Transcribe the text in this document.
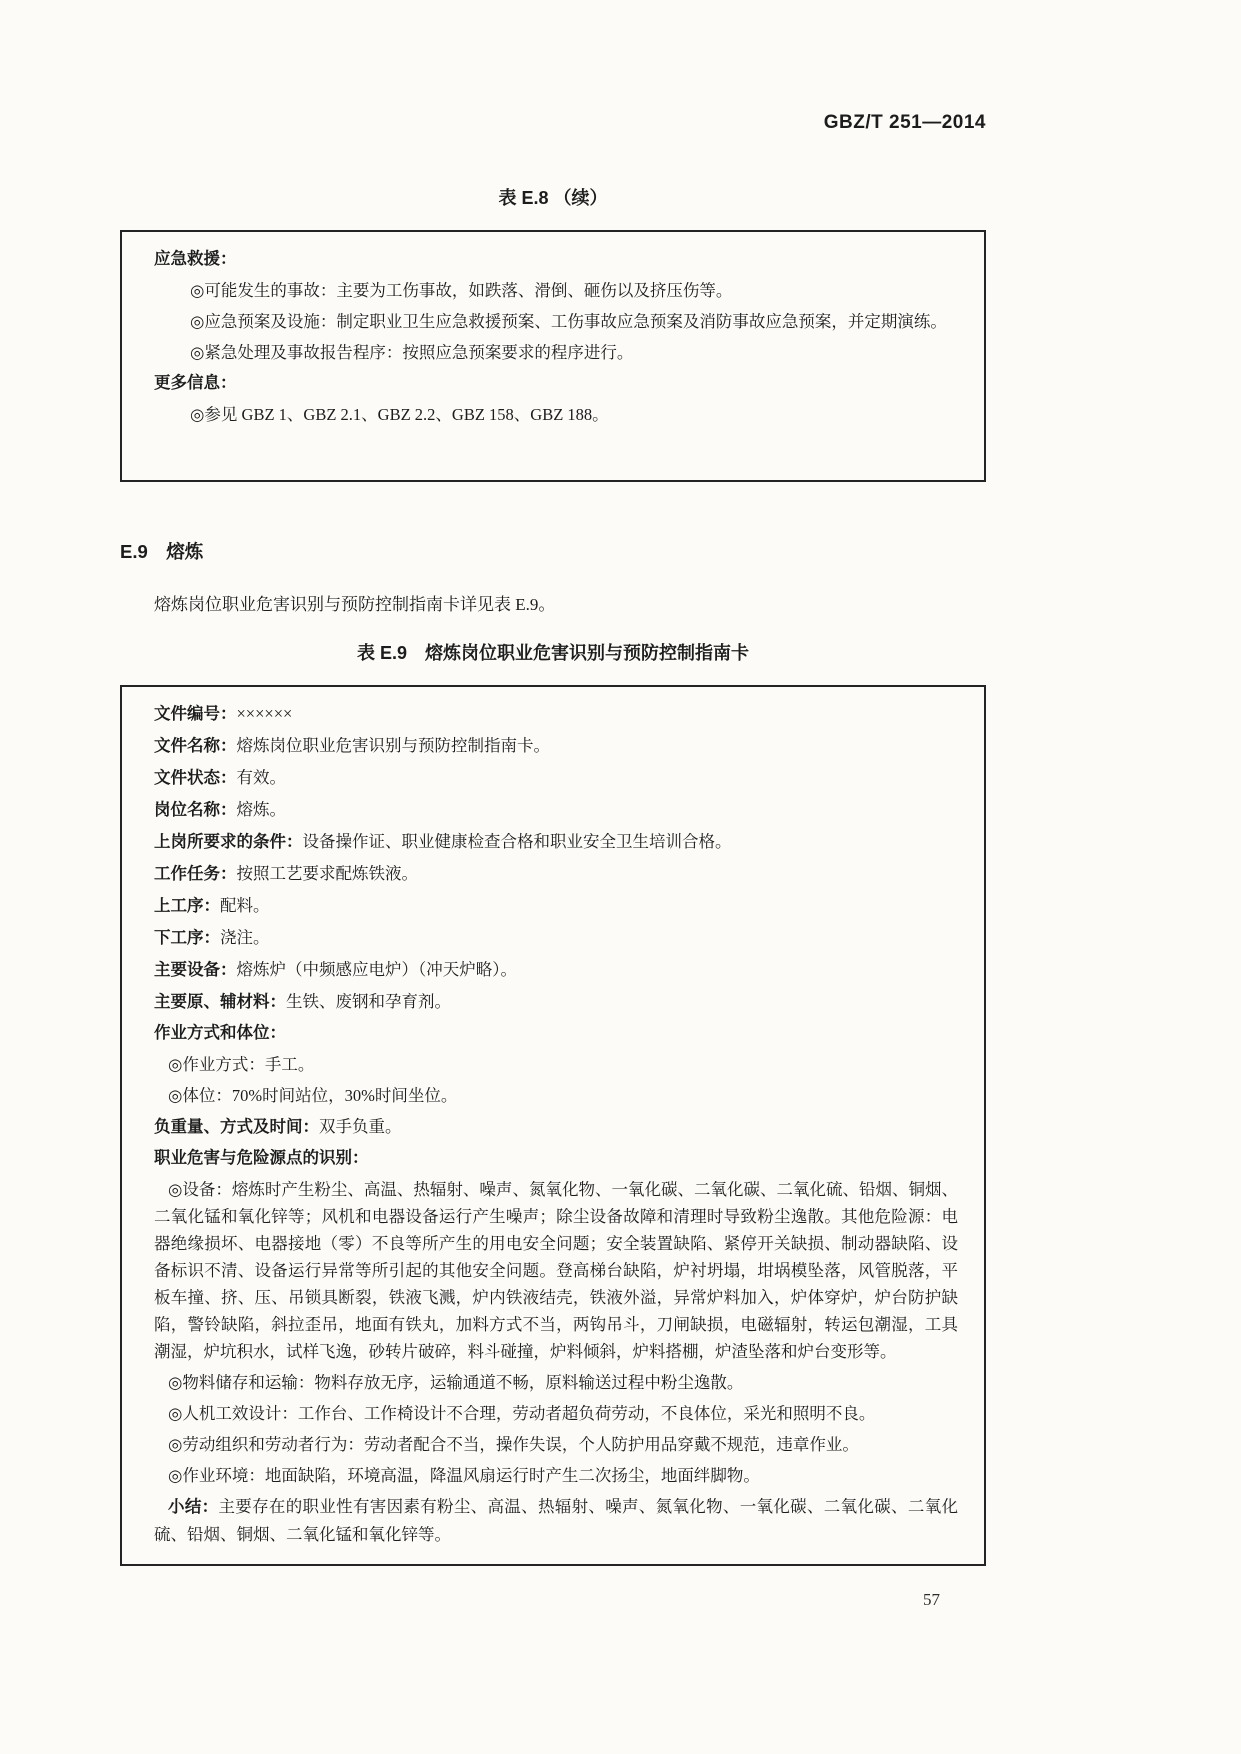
GBZ/T 251—2014
表 E.8 （续）
应急救援：
◎可能发生的事故：主要为工伤事故，如跌落、滑倒、砸伤以及挤压伤等。
◎应急预案及设施：制定职业卫生应急救援预案、工伤事故应急预案及消防事故应急预案，并定期演练。
◎紧急处理及事故报告程序：按照应急预案要求的程序进行。
更多信息：
◎参见 GBZ 1、GBZ 2.1、GBZ 2.2、GBZ 158、GBZ 188。
E.9　熔炼

熔炼岗位职业危害识别与预防控制指南卡详见表 E.9。

表 E.9　熔炼岗位职业危害识别与预防控制指南卡
文件编号：××××××
文件名称：熔炼岗位职业危害识别与预防控制指南卡。
文件状态：有效。
岗位名称：熔炼。
上岗所要求的条件：设备操作证、职业健康检查合格和职业安全卫生培训合格。
工作任务：按照工艺要求配炼铁液。
上工序：配料。
下工序：浇注。
主要设备：熔炼炉（中频感应电炉）（冲天炉略）。
主要原、辅材料：生铁、废钢和孕育剂。
作业方式和体位：
◎作业方式：手工。
◎体位：70%时间站位，30%时间坐位。
负重量、方式及时间：双手负重。
职业危害与危险源点的识别：
◎设备：熔炼时产生粉尘、高温、热辐射、噪声、氮氧化物、一氧化碳、二氧化碳、二氧化硫、铅烟、铜烟、二氧化锰和氧化锌等；风机和电器设备运行产生噪声；除尘设备故障和清理时导致粉尘逸散。其他危险源：电器绝缘损坏、电器接地（零）不良等所产生的用电安全问题；安全装置缺陷、紧停开关缺损、制动器缺陷、设备标识不清、设备运行异常等所引起的其他安全问题。登高梯台缺陷，炉衬坍塌，坩埚模坠落，风管脱落，平板车撞、挤、压、吊锁具断裂，铁液飞溅，炉内铁液结壳，铁液外溢，异常炉料加入，炉体穿炉，炉台防护缺陷，警铃缺陷，斜拉歪吊，地面有铁丸，加料方式不当，两钩吊斗，刀闸缺损，电磁辐射，转运包潮湿，工具潮湿，炉坑积水，试样飞逸，砂转片破碎，料斗碰撞，炉料倾斜，炉料搭棚，炉渣坠落和炉台变形等。
◎物料储存和运输：物料存放无序，运输通道不畅，原料输送过程中粉尘逸散。
◎人机工效设计：工作台、工作椅设计不合理，劳动者超负荷劳动，不良体位，采光和照明不良。
◎劳动组织和劳动者行为：劳动者配合不当，操作失误，个人防护用品穿戴不规范，违章作业。
◎作业环境：地面缺陷，环境高温，降温风扇运行时产生二次扬尘，地面绊脚物。
小结：主要存在的职业性有害因素有粉尘、高温、热辐射、噪声、氮氧化物、一氧化碳、二氧化碳、二氧化硫、铅烟、铜烟、二氧化锰和氧化锌等。
57
